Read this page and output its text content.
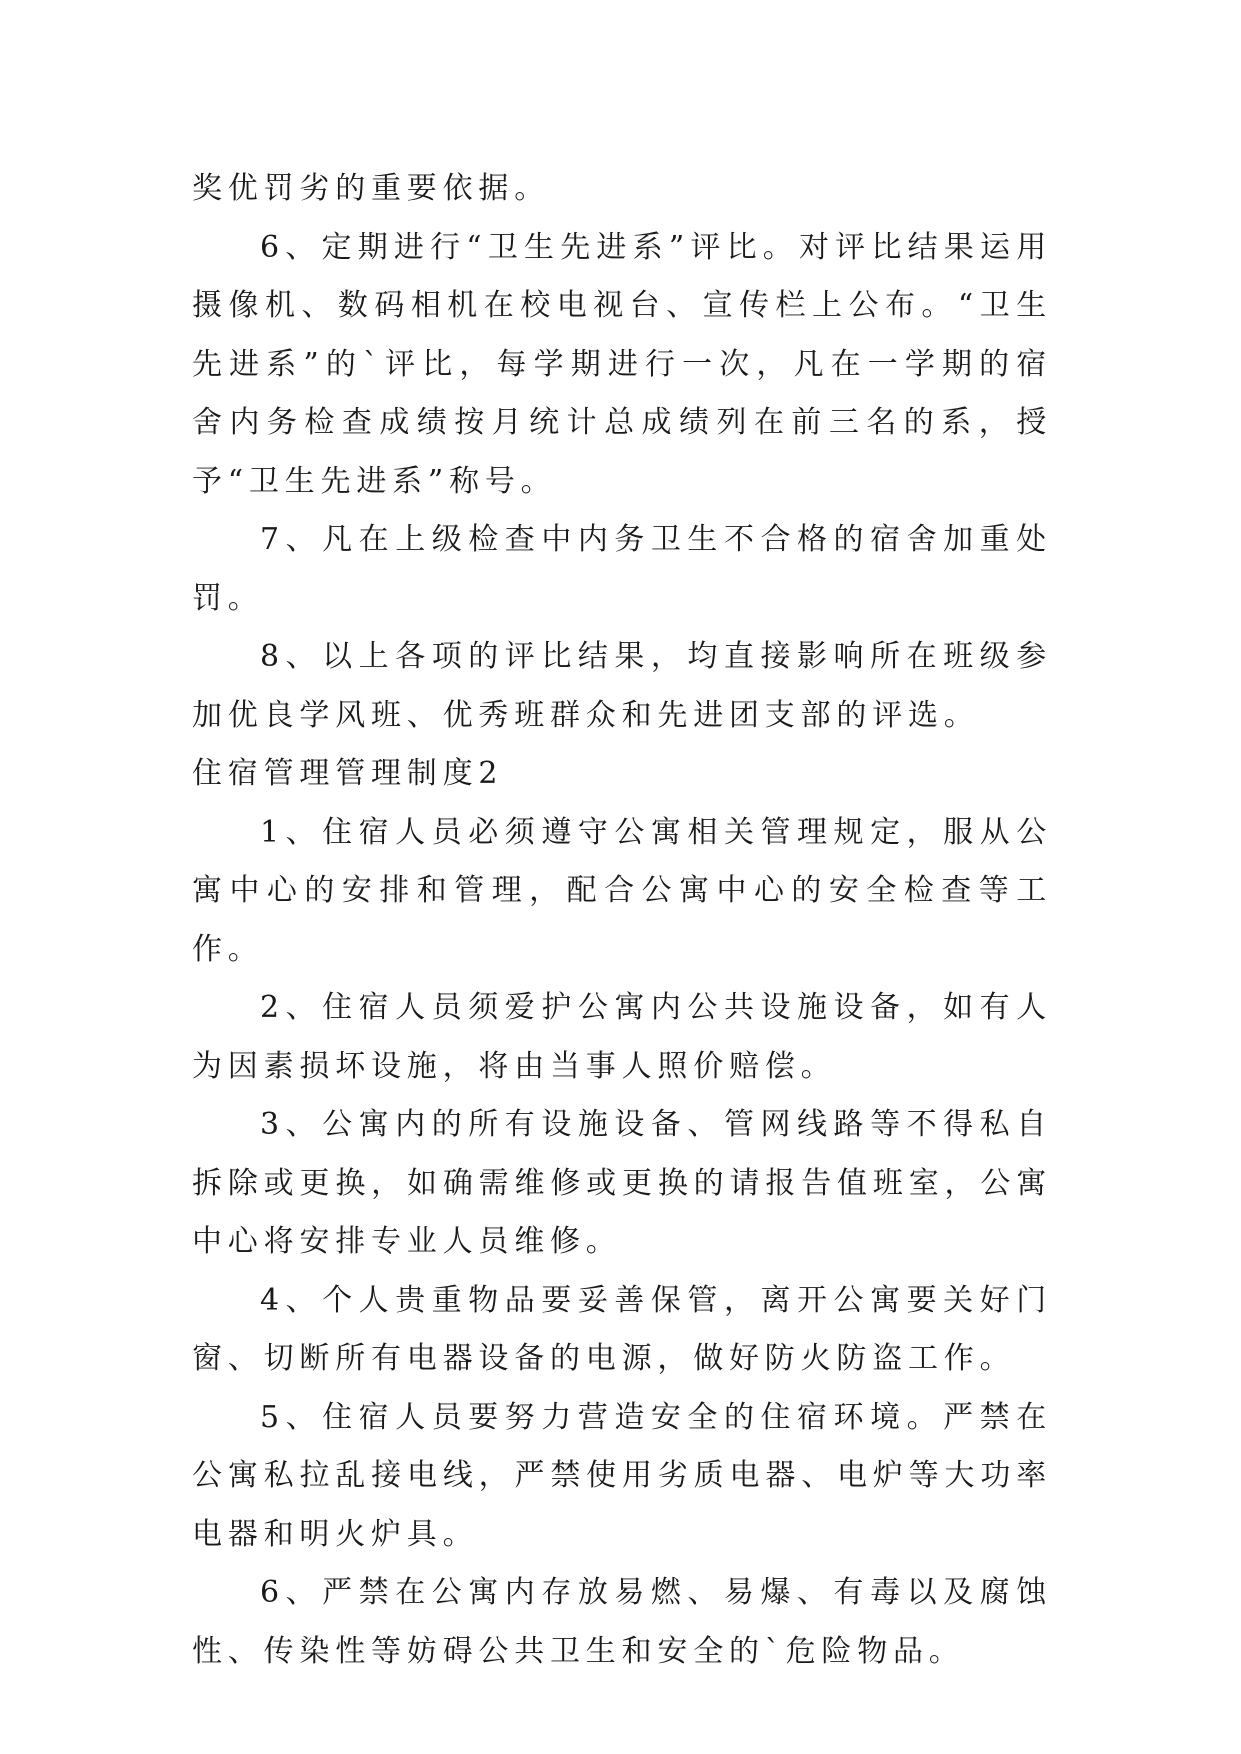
奖优罚劣的重要依据。

6、定期进行“卫生先进系”评比。对评比结果运用摄像机、数码相机在校电视台、宣传栏上公布。“卫生先进系”的`评比，每学期进行一次，凡在一学期的宿舍内务检查成绩按月统计总成绩列在前三名的系，授予“卫生先进系”称号。

7、凡在上级检查中内务卫生不合格的宿舍加重处罚。

8、以上各项的评比结果，均直接影响所在班级参加优良学风班、优秀班群众和先进团支部的评选。

住宿管理管理制度2

1、住宿人员必须遵守公寓相关管理规定，服从公寓中心的安排和管理，配合公寓中心的安全检查等工作。

2、住宿人员须爱护公寓内公共设施设备，如有人为因素损坏设施，将由当事人照价赔偿。

3、公寓内的所有设施设备、管网线路等不得私自拆除或更换，如确需维修或更换的请报告值班室，公寓中心将安排专业人员维修。

4、个人贵重物品要妥善保管，离开公寓要关好门窗、切断所有电器设备的电源，做好防火防盗工作。

5、住宿人员要努力营造安全的住宿环境。严禁在公寓私拉乱接电线，严禁使用劣质电器、电炉等大功率电器和明火炉具。

6、严禁在公寓内存放易燃、易爆、有毒以及腐蚀性、传染性等妨碍公共卫生和安全的`危险物品。
